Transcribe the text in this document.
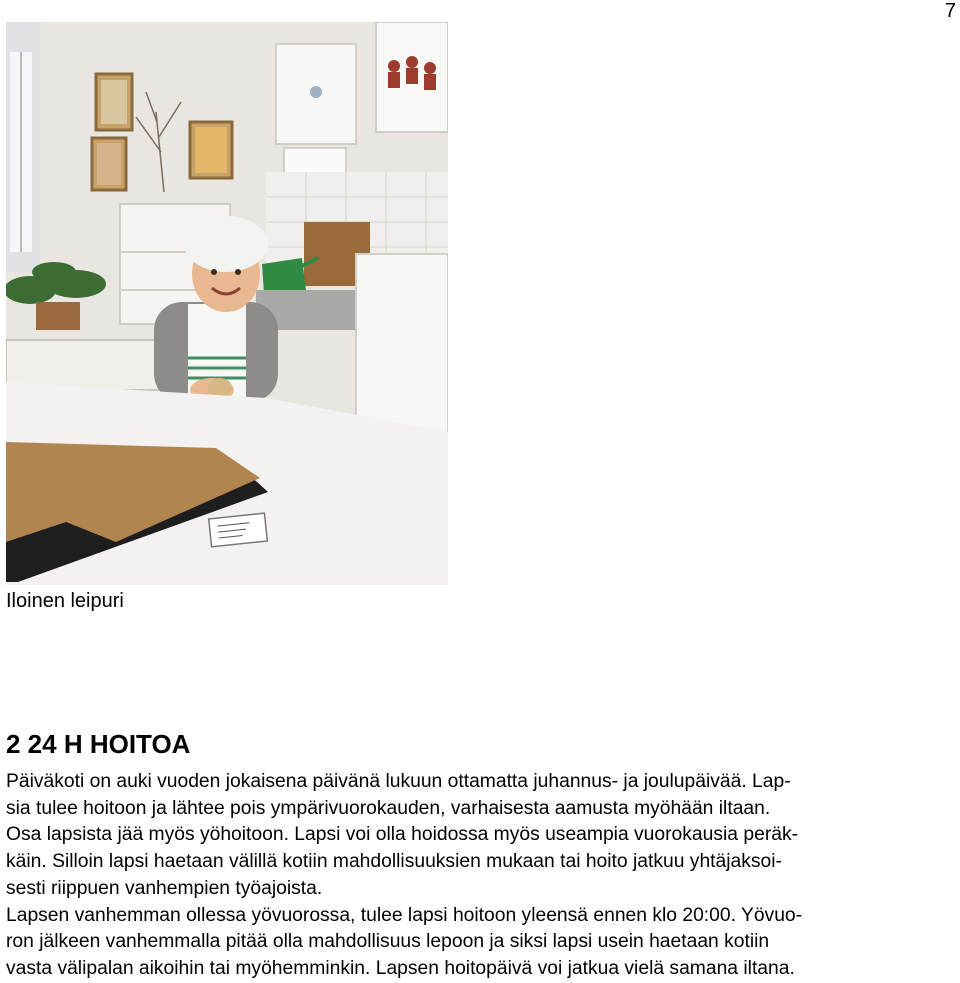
7
Iloinen leipuri
2 24 H HOITOA
Päiväkoti on auki vuoden jokaisena päivänä lukuun ottamatta juhannus- ja joulupäivää. Lap-
sia tulee hoitoon ja lähtee pois ympärivuorokauden, varhaisesta aamusta myöhään iltaan.
Osa lapsista jää myös yöhoitoon. Lapsi voi olla hoidossa myös useampia vuorokausia peräk-
käin. Silloin lapsi haetaan välillä kotiin mahdollisuuksien mukaan tai hoito jatkuu yhtäjaksoi-
sesti riippuen vanhempien työajoista.
Lapsen vanhemman ollessa yövuorossa, tulee lapsi hoitoon yleensä ennen klo 20:00. Yövuo-
ron jälkeen vanhemmalla pitää olla mahdollisuus lepoon ja siksi lapsi usein haetaan kotiin
vasta välipalan aikoihin tai myöhemminkin. Lapsen hoitopäivä voi jatkua vielä samana iltana.
